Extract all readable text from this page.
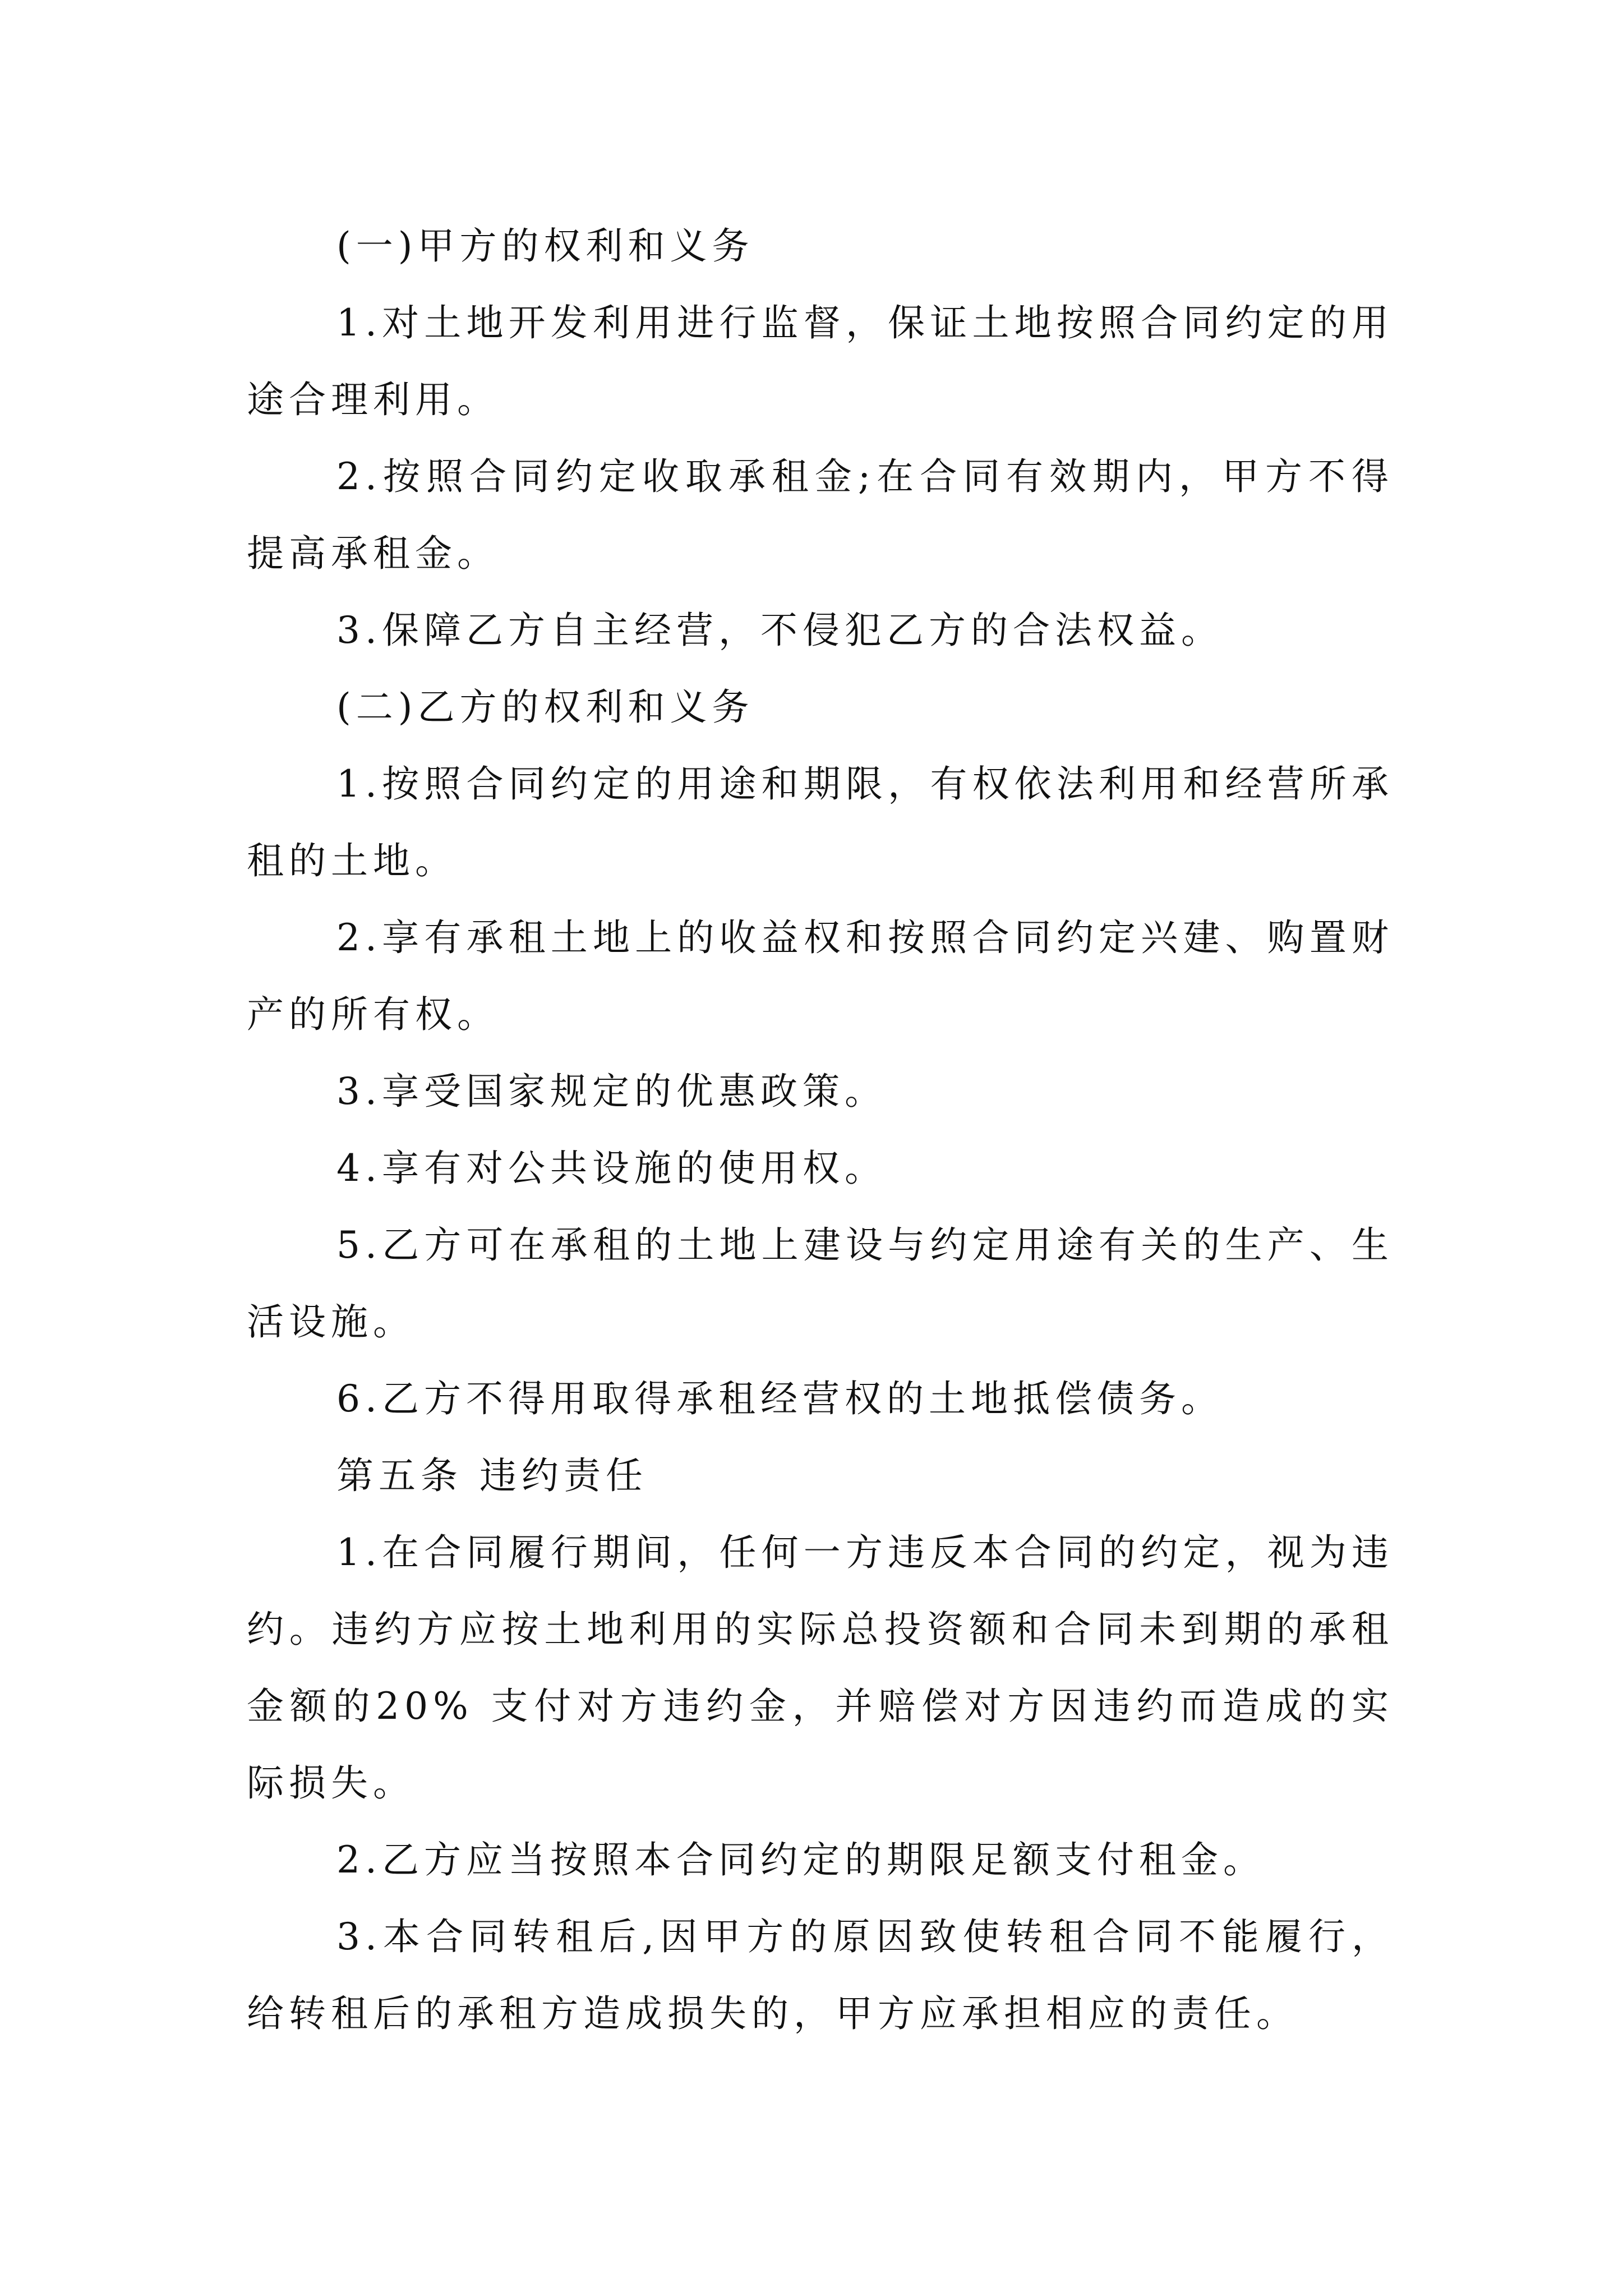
(一)甲方的权利和义务

1.对土地开发利用进行监督，保证土地按照合同约定的用途合理利用。

2.按照合同约定收取承租金;在合同有效期内，甲方不得提高承租金。

3.保障乙方自主经营，不侵犯乙方的合法权益。

(二)乙方的权利和义务

1.按照合同约定的用途和期限，有权依法利用和经营所承租的土地。

2.享有承租土地上的收益权和按照合同约定兴建、购置财产的所有权。

3.享受国家规定的优惠政策。

4.享有对公共设施的使用权。

5.乙方可在承租的土地上建设与约定用途有关的生产、生活设施。

6.乙方不得用取得承租经营权的土地抵偿债务。

第五条 违约责任

1.在合同履行期间，任何一方违反本合同的约定，视为违约。违约方应按土地利用的实际总投资额和合同未到期的承租金额的20% 支付对方违约金，并赔偿对方因违约而造成的实际损失。

2.乙方应当按照本合同约定的期限足额支付租金。

3.本合同转租后,因甲方的原因致使转租合同不能履行，给转租后的承租方造成损失的，甲方应承担相应的责任。
